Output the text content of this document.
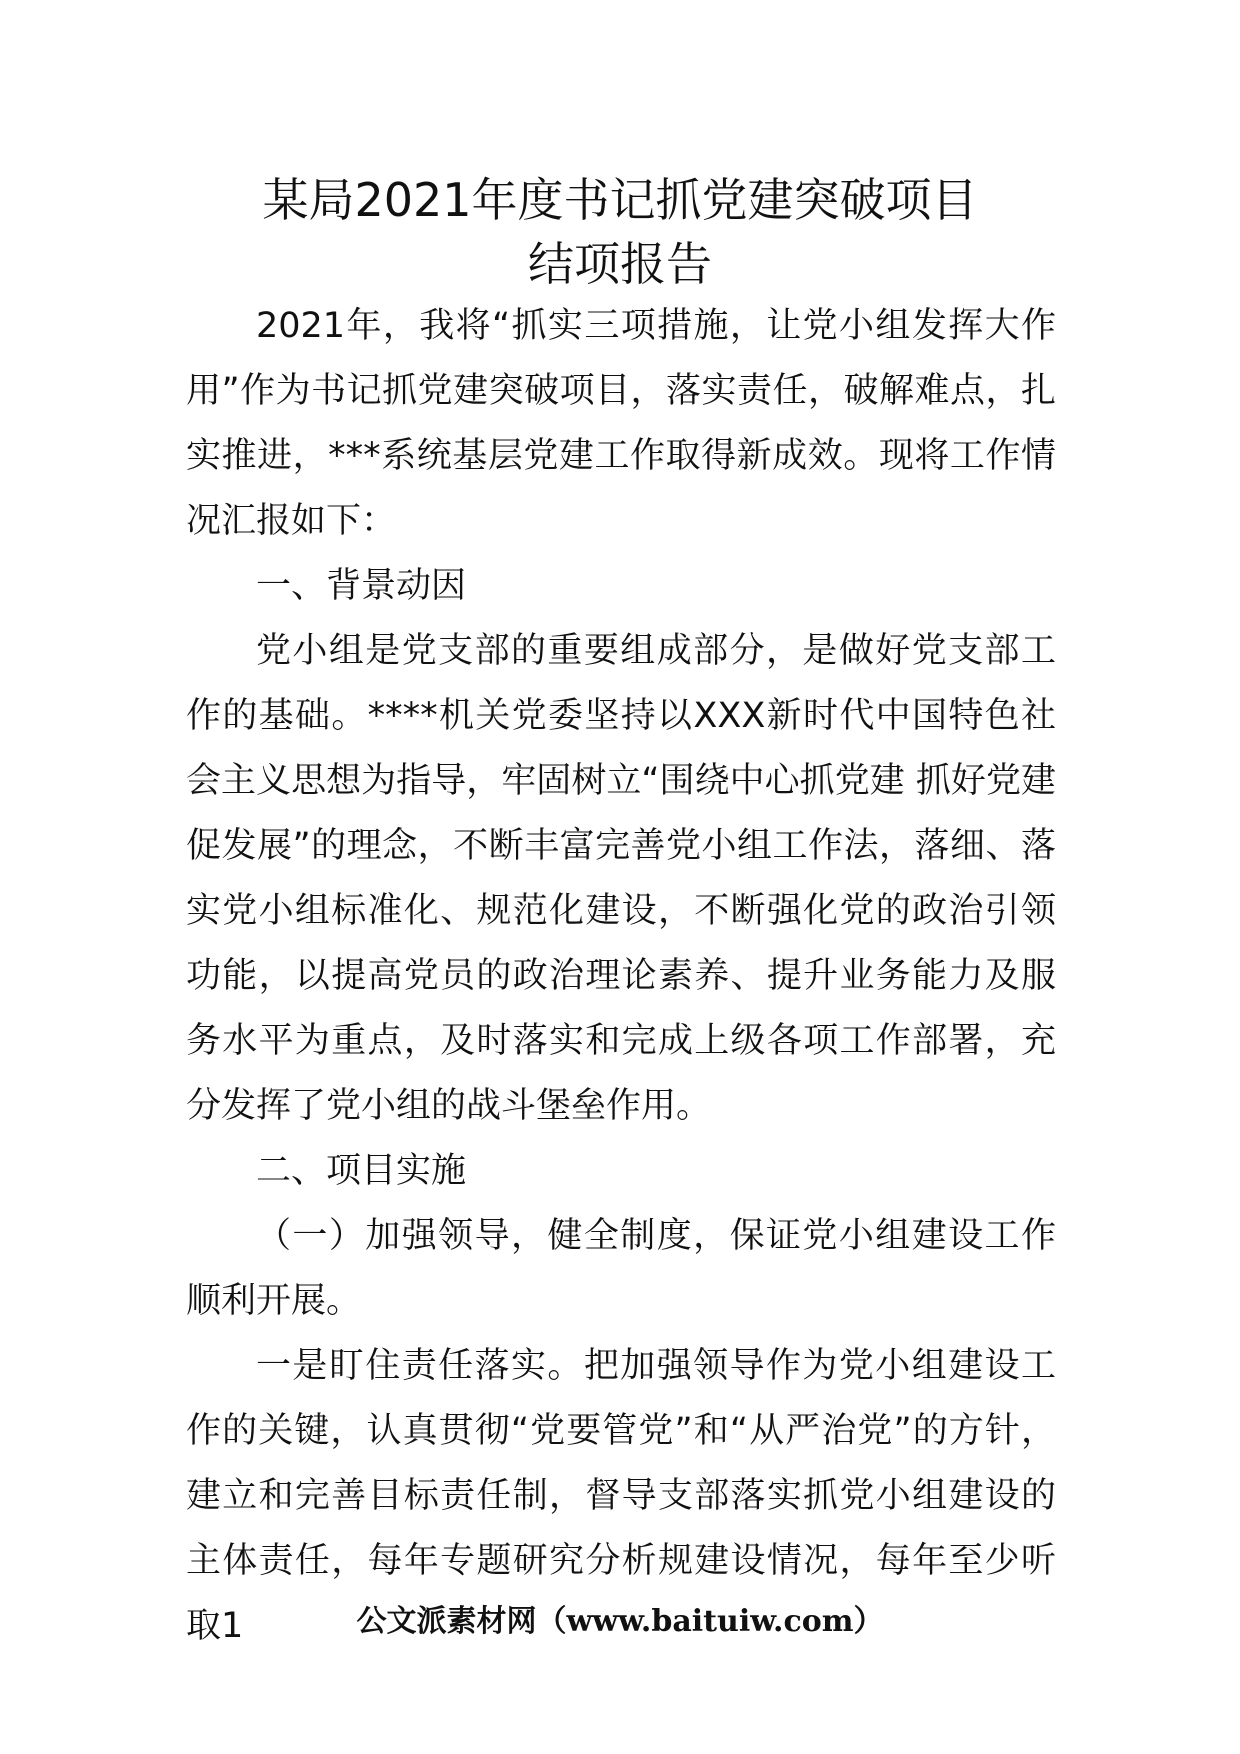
某局2021年度书记抓党建突破项目
结项报告

2021年，我将“抓实三项措施，让党小组发挥大作用”作为书记抓党建突破项目，落实责任，破解难点，扎实推进，***系统基层党建工作取得新成效。现将工作情况汇报如下：

一、背景动因

党小组是党支部的重要组成部分，是做好党支部工作的基础。****机关党委坚持以XXX新时代中国特色社会主义思想为指导，牢固树立“围绕中心抓党建 抓好党建促发展”的理念，不断丰富完善党小组工作法，落细、落实党小组标准化、规范化建设，不断强化党的政治引领功能，以提高党员的政治理论素养、提升业务能力及服务水平为重点，及时落实和完成上级各项工作部署，充分发挥了党小组的战斗堡垒作用。

二、项目实施

（一）加强领导，健全制度，保证党小组建设工作顺利开展。

一是盯住责任落实。把加强领导作为党小组建设工作的关键，认真贯彻“党要管党”和“从严治党”的方针，建立和完善目标责任制，督导支部落实抓党小组建设的主体责任，每年专题研究分析规建设情况，每年至少听取1	公文派素材网（www.baituiw.com）
